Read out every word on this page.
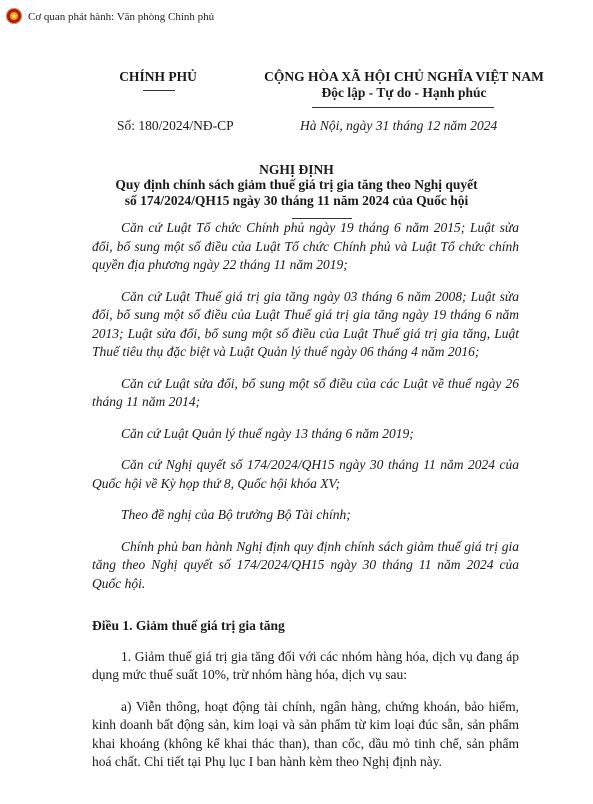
★
Cơ quan phát hành: Văn phòng Chính phủ
CHÍNH PHỦ	CỘNG HÒA XÃ HỘI CHỦ NGHĨA VIỆT NAM
Độc lập - Tự do - Hạnh phúc
Số: 180/2024/NĐ-CP	Hà Nội, ngày 31 tháng 12 năm 2024
NGHỊ ĐỊNH
Quy định chính sách giảm thuế giá trị gia tăng theo Nghị quyết
số 174/2024/QH15 ngày 30 tháng 11 năm 2024 của Quốc hội

Căn cứ Luật Tổ chức Chính phủ ngày 19 tháng 6 năm 2015; Luật sửa đổi, bổ sung một số điều của Luật Tổ chức Chính phủ và Luật Tổ chức chính quyền địa phương ngày 22 tháng 11 năm 2019;

Căn cứ Luật Thuế giá trị gia tăng ngày 03 tháng 6 năm 2008; Luật sửa đổi, bổ sung một số điều của Luật Thuế giá trị gia tăng ngày 19 tháng 6 năm 2013; Luật sửa đổi, bổ sung một số điều của Luật Thuế giá trị gia tăng, Luật Thuế tiêu thụ đặc biệt và Luật Quản lý thuế ngày 06 tháng 4 năm 2016;

Căn cứ Luật sửa đổi, bổ sung một số điều của các Luật về thuế ngày 26 tháng 11 năm 2014;

Căn cứ Luật Quản lý thuế ngày 13 tháng 6 năm 2019;

Căn cứ Nghị quyết số 174/2024/QH15 ngày 30 tháng 11 năm 2024 của Quốc hội về Kỳ họp thứ 8, Quốc hội khóa XV;

Theo đề nghị của Bộ trưởng Bộ Tài chính;

Chính phủ ban hành Nghị định quy định chính sách giảm thuế giá trị gia tăng theo Nghị quyết số 174/2024/QH15 ngày 30 tháng 11 năm 2024 của Quốc hội.

Điều 1. Giảm thuế giá trị gia tăng

1. Giảm thuế giá trị gia tăng đối với các nhóm hàng hóa, dịch vụ đang áp dụng mức thuế suất 10%, trừ nhóm hàng hóa, dịch vụ sau:

a) Viễn thông, hoạt động tài chính, ngân hàng, chứng khoán, bảo hiểm, kinh doanh bất động sản, kim loại và sản phẩm từ kim loại đúc sẵn, sản phẩm khai khoáng (không kể khai thác than), than cốc, dầu mỏ tinh chế, sản phẩm hoá chất. Chi tiết tại Phụ lục I ban hành kèm theo Nghị định này.
